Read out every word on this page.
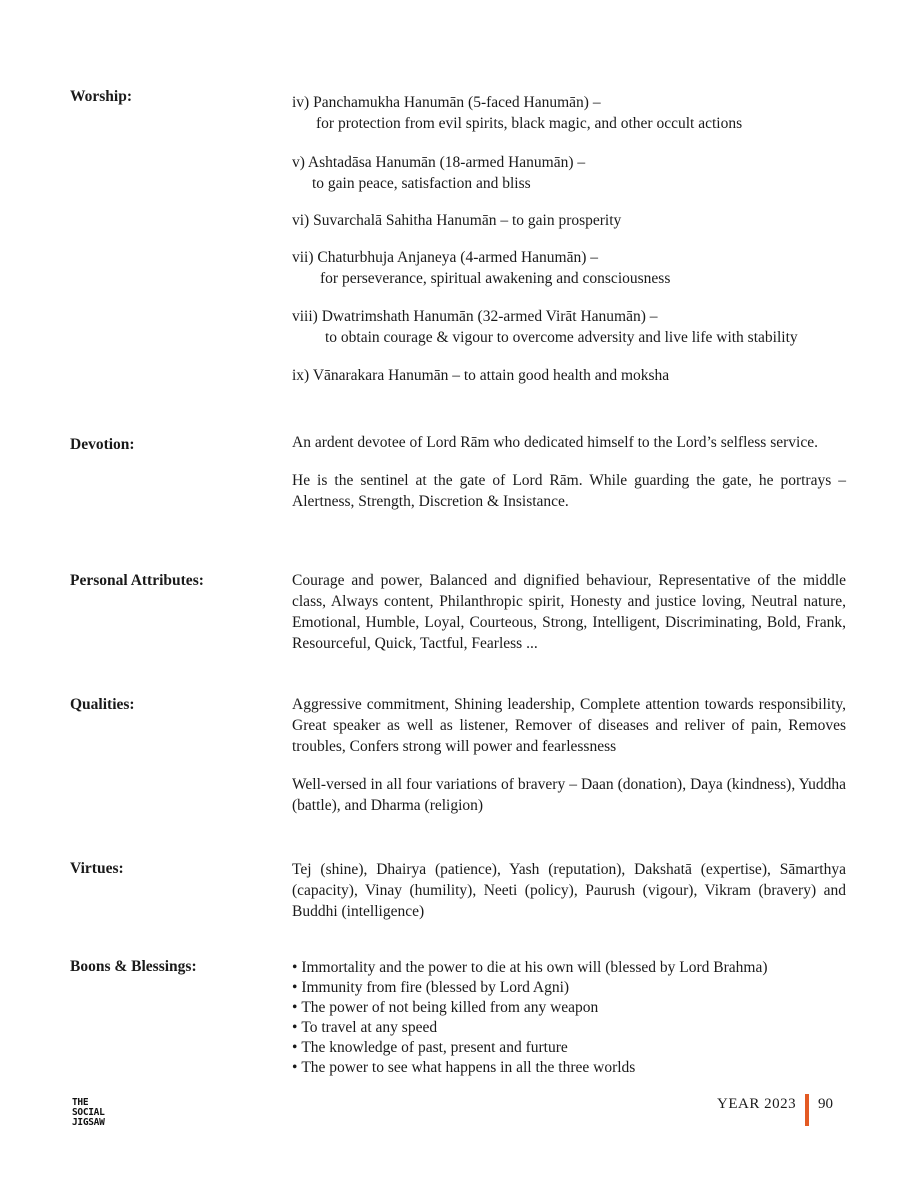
Worship:	iv) Panchamukha Hanumān (5-faced Hanumān) –
for protection from evil spirits, black magic, and other occult actions
v) Ashtadāsa Hanumān (18-armed Hanumān) –
to gain peace, satisfaction and bliss
vi) Suvarchalā Sahitha Hanumān – to gain prosperity
vii) Chaturbhuja Anjaneya (4-armed Hanumān) –
for perseverance, spiritual awakening and consciousness
viii) Dwatrimshath Hanumān (32-armed Virāt Hanumān) –
to obtain courage & vigour to overcome adversity and live life with stability
ix) Vānarakara Hanumān – to attain good health and moksha
Devotion:	An ardent devotee of Lord Rām who dedicated himself to the Lord’s selfless service.

He is the sentinel at the gate of Lord Rām. While guarding the gate, he portrays – Alertness, Strength, Discretion & Insistance.

Personal Attributes:	Courage and power, Balanced and dignified behaviour, Representative of the middle class, Always content, Philanthropic spirit, Honesty and justice loving, Neutral nature, Emotional, Humble, Loyal, Courteous, Strong, Intelligent, Discriminating, Bold, Frank, Resourceful, Quick, Tactful, Fearless ...

Qualities:	Aggressive commitment, Shining leadership, Complete attention towards responsibility, Great speaker as well as listener, Remover of diseases and reliver of pain, Removes troubles, Confers strong will power and fearlessness

Well-versed in all four variations of bravery – Daan (donation), Daya (kindness), Yuddha (battle), and Dharma (religion)

Virtues:	Tej (shine), Dhairya (patience), Yash (reputation), Dakshatā (expertise), Sāmarthya (capacity), Vinay (humility), Neeti (policy), Paurush (vigour), Vikram (bravery) and Buddhi (intelligence)

Boons & Blessings:
•	Immortality and the power to die at his own will (blessed by Lord Brahma)
• Immunity from fire (blessed by Lord Agni)
• The power of not being killed from any weapon
• To travel at any speed
• The knowledge of past, present and furture
• The power to see what happens in all the three worlds
THE
SOCIAL
JIGSAW
YEAR 2023 90
